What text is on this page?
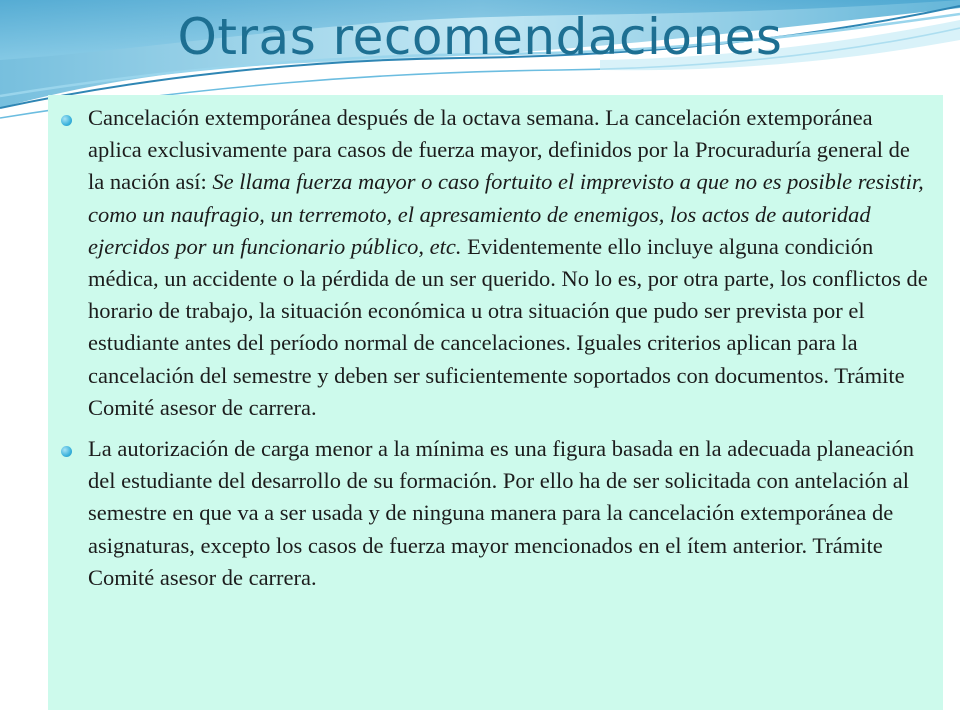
Otras recomendaciones
Cancelación extemporánea después de la octava semana. La cancelación extemporánea aplica exclusivamente para casos de fuerza mayor, definidos por la Procuraduría general de la nación así: Se llama fuerza mayor o caso fortuito el imprevisto a que no es posible resistir, como un naufragio, un terremoto, el apresamiento de enemigos, los actos de autoridad ejercidos por un funcionario público, etc. Evidentemente ello incluye alguna condición médica, un accidente o la pérdida de un ser querido. No lo es, por otra parte, los conflictos de horario de trabajo, la situación económica u otra situación que pudo ser prevista por el estudiante antes del período normal de cancelaciones. Iguales criterios aplican para la cancelación del semestre y deben ser suficientemente soportados con documentos. Trámite Comité asesor de carrera.
La autorización de carga menor a la mínima es una figura basada en la adecuada planeación del estudiante del desarrollo de su formación. Por ello ha de ser solicitada con antelación al semestre en que va a ser usada y de ninguna manera para la cancelación extemporánea de asignaturas, excepto los casos de fuerza mayor mencionados en el ítem anterior. Trámite Comité asesor de carrera.
